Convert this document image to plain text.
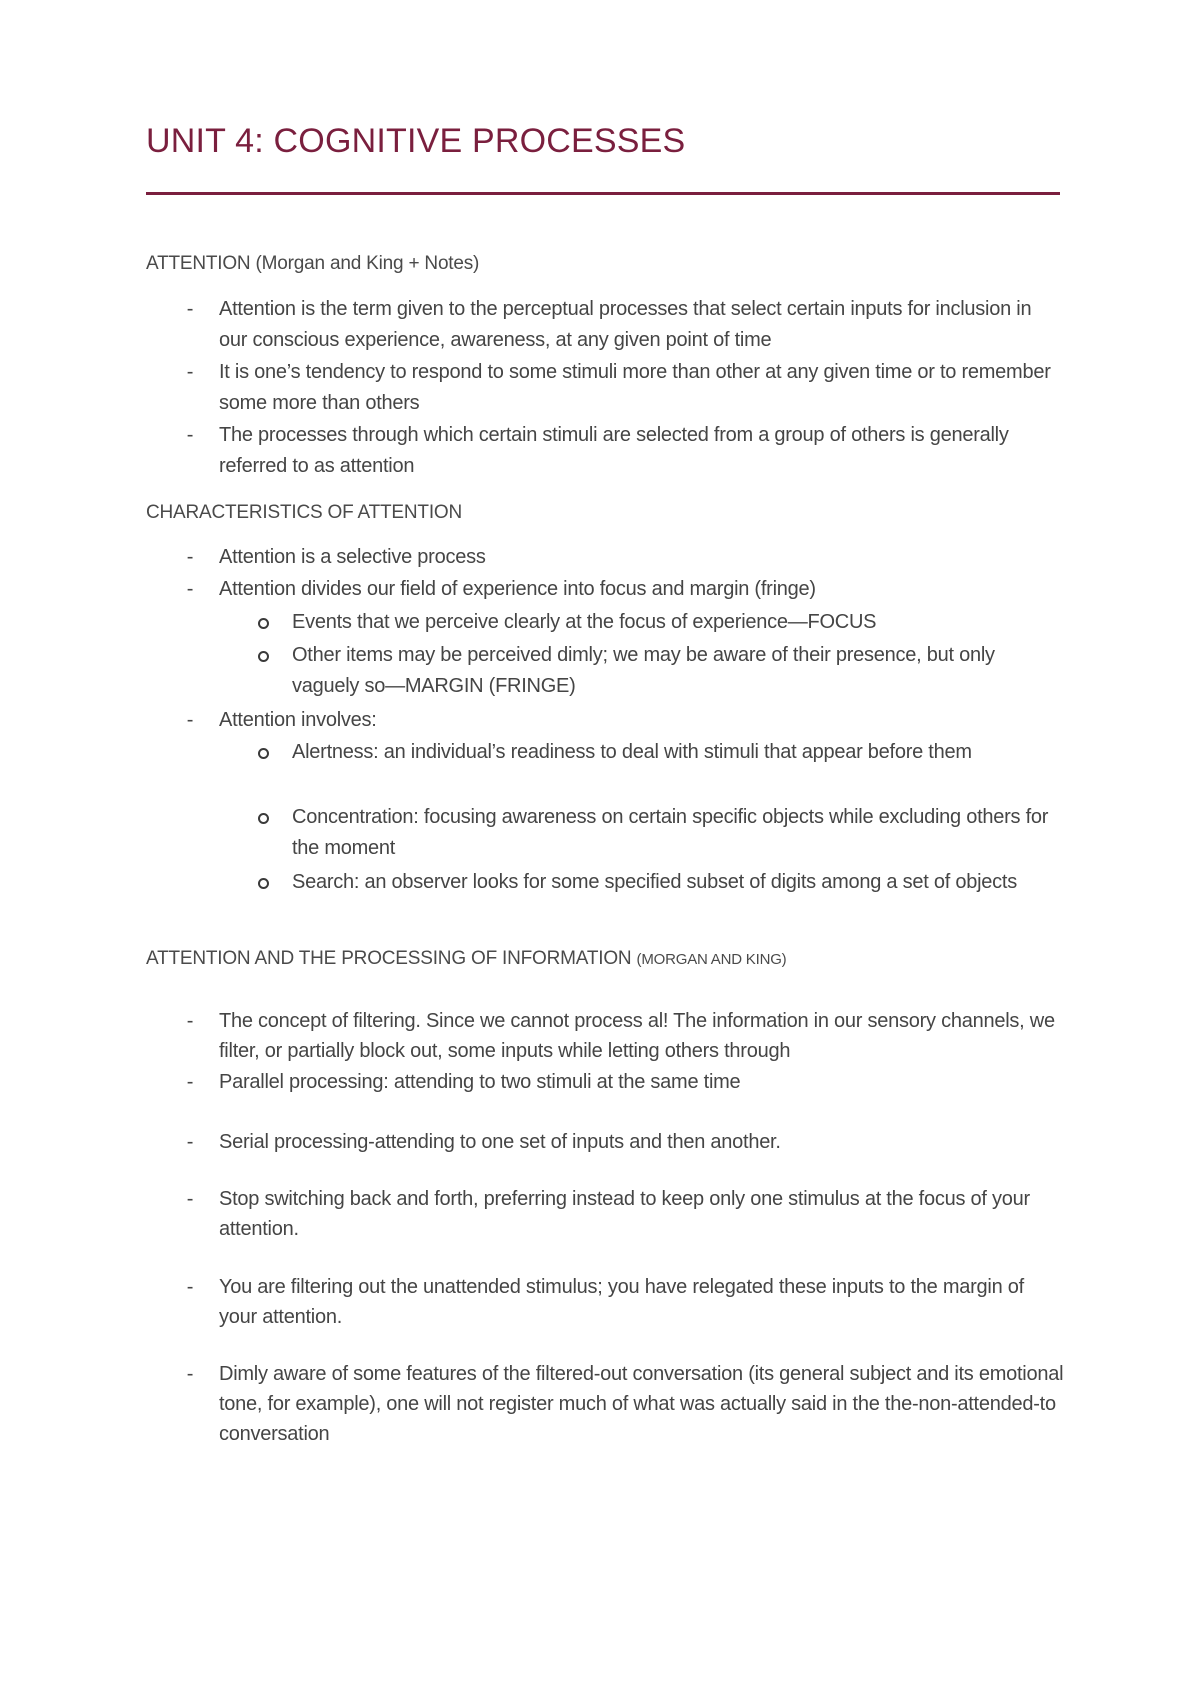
UNIT 4: COGNITIVE PROCESSES
ATTENTION (Morgan and King + Notes)
- Attention is the term given to the perceptual processes that select certain inputs for inclusion in our conscious experience, awareness, at any given point of time
- It is one’s tendency to respond to some stimuli more than other at any given time or to remember some more than others
- The processes through which certain stimuli are selected from a group of others is generally referred to as attention
CHARACTERISTICS OF ATTENTION
- Attention is a selective process
- Attention divides our field of experience into focus and margin (fringe)
Events that we perceive clearly at the focus of experience—FOCUS
Other items may be perceived dimly; we may be aware of their presence, but only vaguely so—MARGIN (FRINGE)
- Attention involves:
Alertness: an individual’s readiness to deal with stimuli that appear before them
Concentration: focusing awareness on certain specific objects while excluding others for the moment
Search: an observer looks for some specified subset of digits among a set of objects
ATTENTION AND THE PROCESSING OF INFORMATION (MORGAN AND KING)
- The concept of filtering. Since we cannot process al! The information in our sensory channels, we filter, or partially block out, some inputs while letting others through
- Parallel processing: attending to two stimuli at the same time
- Serial processing-attending to one set of inputs and then another.
- Stop switching back and forth, preferring instead to keep only one stimulus at the focus of your attention.
- You are filtering out the unattended stimulus; you have relegated these inputs to the margin of your attention.
- Dimly aware of some features of the filtered-out conversation (its general subject and its emotional tone, for example), one will not register much of what was actually said in the the-non-attended-to conversation
